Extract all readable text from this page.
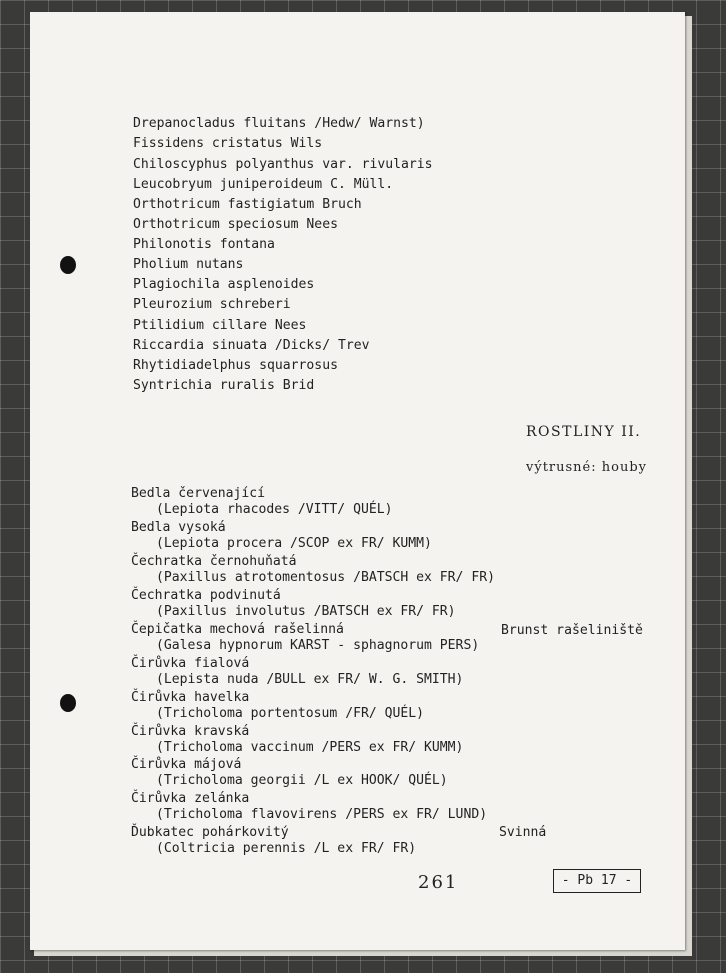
Drepanocladus fluitans /Hedw/ Warnst)
Fissidens cristatus Wils
Chiloscyphus polyanthus var. rivularis
Leucobryum juniperoideum C. Müll.
Orthotricum fastigiatum Bruch
Orthotricum speciosum Nees
Philonotis fontana
Pholium nutans
Plagiochila asplenoides
Pleurozium schreberi
Ptilidium cillare Nees
Riccardia sinuata /Dicks/ Trev
Rhytidiadelphus squarrosus
Syntrichia ruralis Brid
ROSTLINY II.
výtrusné: houby
Bedla červenající
(Lepiota rhacodes /VITT/ QUÉL)
Bedla vysoká
(Lepiota procera /SCOP ex FR/ KUMM)
Čechratka černohuňatá
(Paxillus atrotomentosus /BATSCH ex FR/ FR)
Čechratka podvinutá
(Paxillus involutus /BATSCH ex FR/ FR)
Čepičatka mechová rašelinná	Brunst rašeliniště
(Galesa hypnorum KARST - sphagnorum PERS)
Čirůvka fialová
(Lepista nuda /BULL ex FR/ W. G. SMITH)
Čirůvka havelka
(Tricholoma portentosum /FR/ QUÉL)
Čirůvka kravská
(Tricholoma vaccinum /PERS ex FR/ KUMM)
Čirůvka májová
(Tricholoma georgii /L ex HOOK/ QUÉL)
Čirůvka zelánka
(Tricholoma flavovirens /PERS ex FR/ LUND)
Ďubkatec pohárkovitý	Svinná
(Coltricia perennis /L ex FR/ FR)
261	- Pb 17 -
